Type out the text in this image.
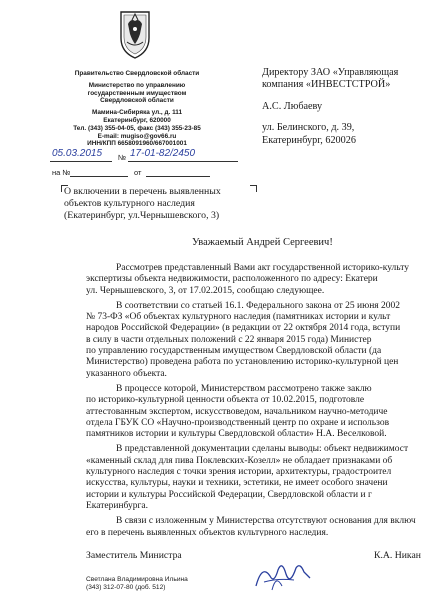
Правительство Свердловской области
Министерство по управлению
государственным имуществом
Свердловской области
Мамина-Сибиряка ул., д. 111
Екатеринбург, 620000
Тел. (343) 355-04-05, факс (343) 355-23-85
E-mail: mugiso@gov66.ru
ИНН/КПП 6658091960/667001001
05.03.2015 № 17-01-82/2450
на №	от
Директору ЗАО «Управляющая
компания «ИНВЕСТСТРОЙ»
А.С. Любаеву
ул. Белинского, д. 39,
Екатеринбург, 620026
О включении в перечень выявленных
объектов культурного наследия
(Екатеринбург, ул.Чернышевского, 3)
Уважаемый Андрей Сергеевич!
Рассмотрев представленный Вами акт государственной историко-культу
экспертизы объекта недвижимости, расположенного по адресу: Екатери
ул. Чернышевского, 3, от 17.02.2015, сообщаю следующее.
В соответствии со статьей 16.1. Федерального закона от 25 июня 2002
№ 73-ФЗ «Об объектах культурного наследия (памятниках истории и культ
народов Российской Федерации» (в редакции от 22 октября 2014 года, вступи
в силу в части отдельных положений с 22 января 2015 года) Министер
по управлению государственным имуществом Свердловской области (да
Министерство) проведена работа по установлению историко-культурной цен
указанного объекта.
В процессе которой, Министерством рассмотрено также заклю
по историко-культурной ценности объекта от 10.02.2015, подготовле
аттестованным экспертом, искусствоведом, начальником научно-методиче
отдела ГБУК СО «Научно-производственный центр по охране и использов
памятников истории и культуры Свердловской области» Н.А. Веселковой.
В представленной документации сделаны выводы: объект недвижимост
«каменный склад для пива Поклевских-Козелл» не обладает признаками об
культурного наследия с точки зрения истории, архитектуры, градостроител
искусства, культуры, науки и техники, эстетики, не имеет особого значени
истории и культуры Российской Федерации, Свердловской области и г
Екатеринбурга.
В связи с изложенным у Министерства отсутствуют основания для включ
его в перечень выявленных объектов культурного наследия.
Заместитель Министра	К.А. Никан
Светлана Владимировна Ильина
(343) 312-07-80 (доб. 512)
